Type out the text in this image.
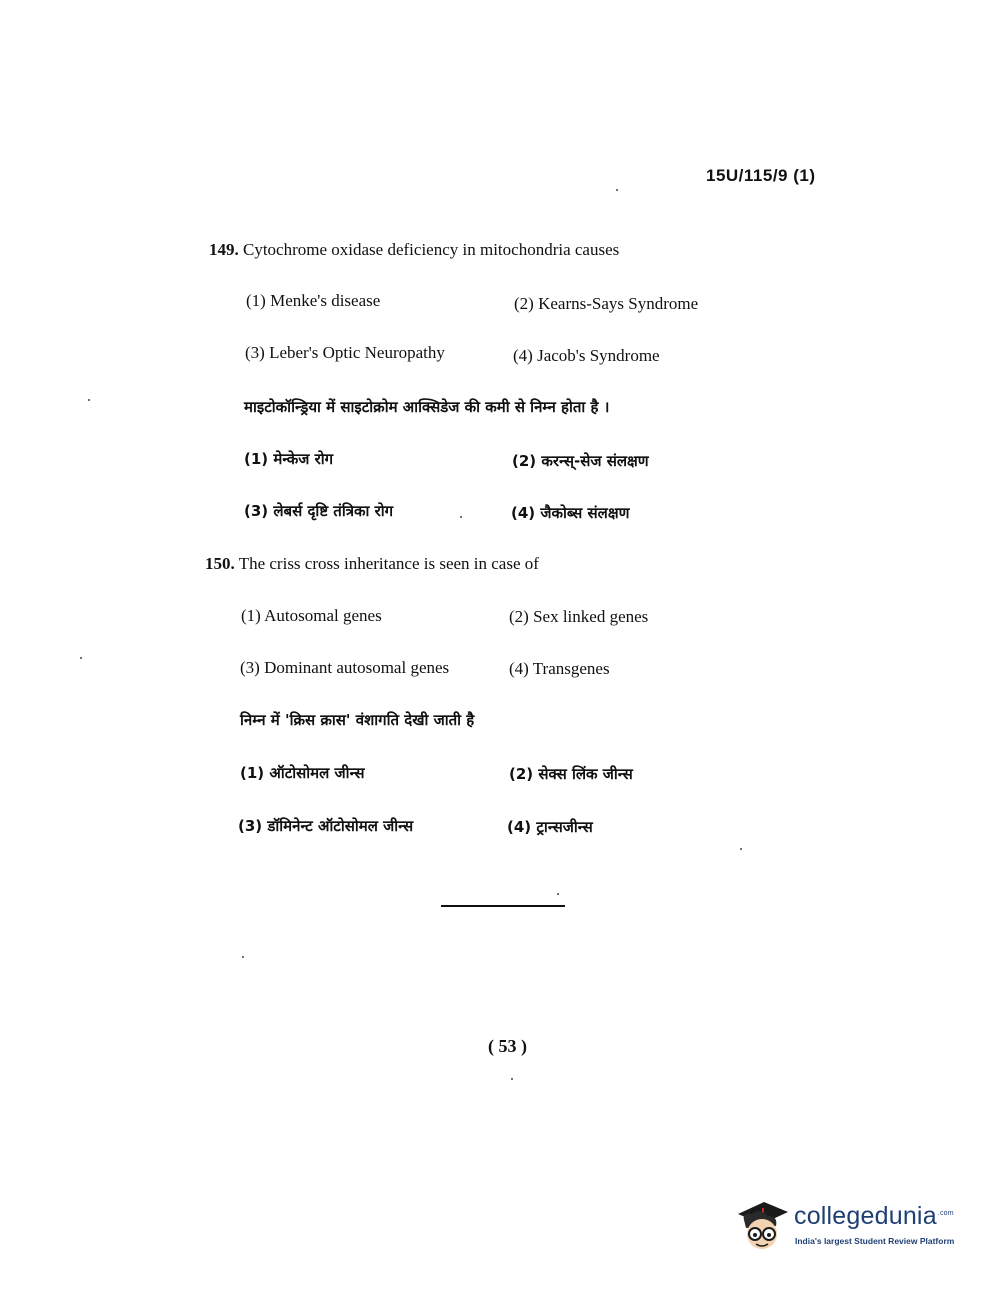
15U/115/9 (1)
149. Cytochrome oxidase deficiency in mitochondria causes
(1) Menke's disease	(2) Kearns-Says Syndrome
(3) Leber's Optic Neuropathy	(4) Jacob's Syndrome
माइटोकॉन्ड्रिया में साइटोक्रोम आक्सिडेज की कमी से निम्न होता है ।
(1) मेन्केज रोग	(2) करन्स्-सेज संलक्षण
(3) लेबर्स दृष्टि तंत्रिका रोग	(4) जैकोब्स संलक्षण
150. The criss cross inheritance is seen in case of
(1) Autosomal genes	(2) Sex linked genes
(3) Dominant autosomal genes	(4) Transgenes
निम्न में 'क्रिस क्रास' वंशागति देखी जाती है
(1) ऑटोसोमल जीन्स	(2) सेक्स लिंक जीन्स
(3) डॉमिनेन्ट ऑटोसोमल जीन्स	(4) ट्रान्सजीन्स
( 53 )
collegedunia$^{.com}$
India's largest Student Review Platform
